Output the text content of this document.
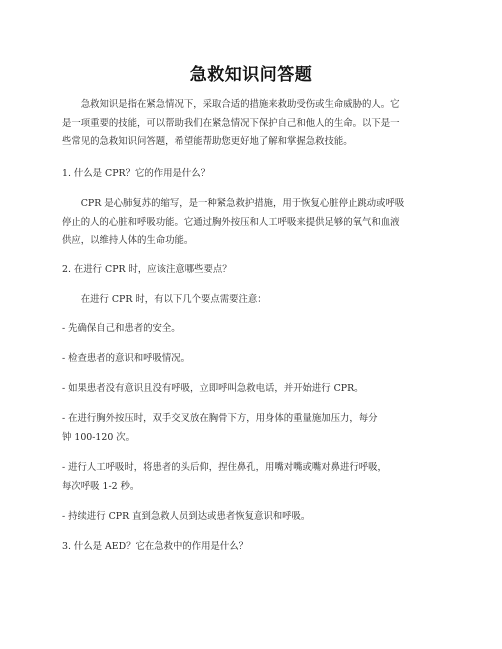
急救知识问答题
　　急救知识是指在紧急情况下，采取合适的措施来救助受伤或生命威胁的人。它
是一项重要的技能，可以帮助我们在紧急情况下保护自己和他人的生命。以下是一
些常见的急救知识问答题，希望能帮助您更好地了解和掌握急救技能。
1. 什么是 CPR？它的作用是什么？
　　CPR 是心肺复苏的缩写，是一种紧急救护措施，用于恢复心脏停止跳动或呼吸
停止的人的心脏和呼吸功能。它通过胸外按压和人工呼吸来提供足够的氧气和血液
供应，以维持人体的生命功能。
2. 在进行 CPR 时，应该注意哪些要点？
　　在进行 CPR 时，有以下几个要点需要注意：
- 先确保自己和患者的安全。
- 检查患者的意识和呼吸情况。
- 如果患者没有意识且没有呼吸，立即呼叫急救电话，并开始进行 CPR。
- 在进行胸外按压时，双手交叉放在胸骨下方，用身体的重量施加压力，每分
钟 100-120 次。
- 进行人工呼吸时，将患者的头后仰，捏住鼻孔，用嘴对嘴或嘴对鼻进行呼吸，
每次呼吸 1-2 秒。
- 持续进行 CPR 直到急救人员到达或患者恢复意识和呼吸。
3. 什么是 AED？它在急救中的作用是什么？
